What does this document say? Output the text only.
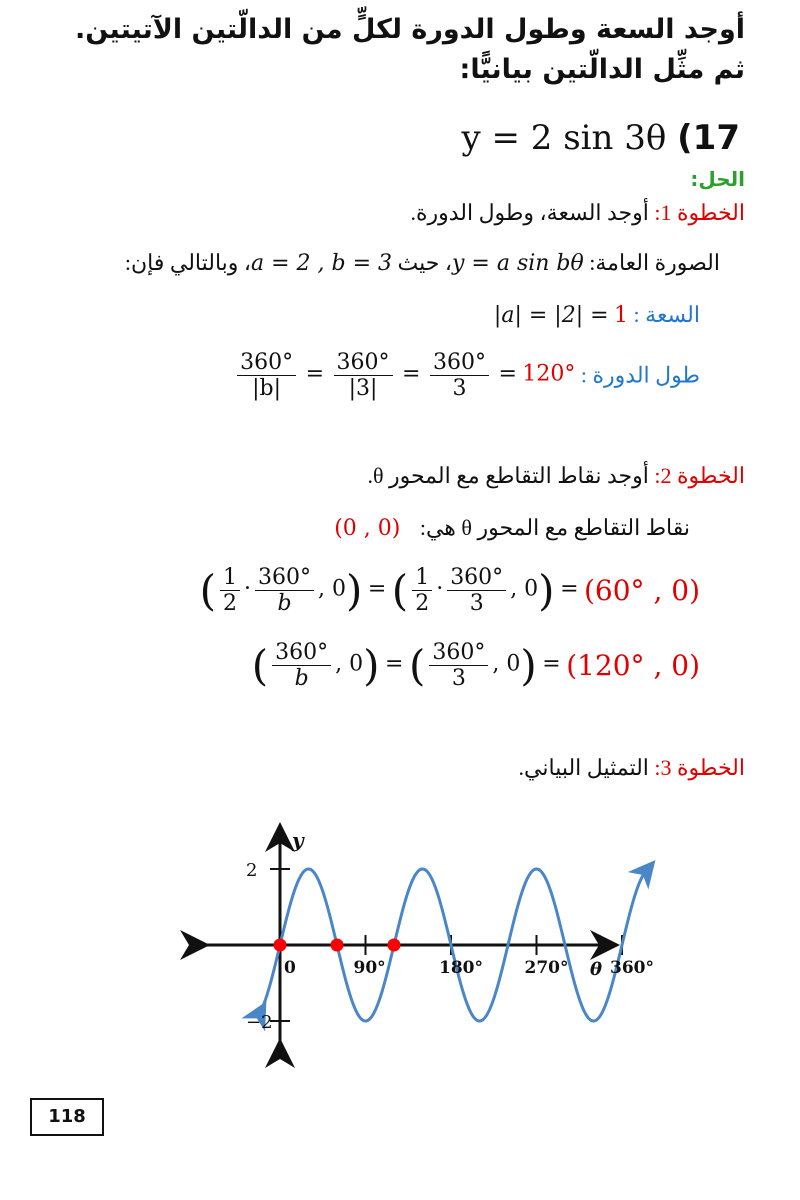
أوجد السعة وطول الدورة لكلٍّ من الدالّتين الآتيتين. ثم مثِّل الدالّتين بيانيًّا:
y = 2 sin 3θ (17
الحل:
الخطوة 1: أوجد السعة، وطول الدورة.
الصورة العامة: y = a sin bθ، حيث a = 2 , b = 3، وبالتالي فإن:
السعة : |a| = |2| = 1
طول الدورة :
$\frac{360^\circ}{|b|} = \frac{360^\circ}{|3|} = \frac{360^\circ}{3} = 120^\circ$
الخطوة 2: أوجد نقاط التقاطع مع المحور θ.
نقاط التقاطع مع المحور θ هي: (0 , 0)
( $\frac{1}{2} \cdot \frac{360^\circ}{b}$ , 0) = ( $\frac{1}{2} \cdot \frac{360^\circ}{3}$ , 0) = (60° , 0)
( $\frac{360^\circ}{b}$ , 0) = ( $\frac{360^\circ}{3}$ , 0) = (120° , 0)
الخطوة 3: التمثيل البياني.
0	90°	180° 270° 360°
2
−2
θ
y
118
